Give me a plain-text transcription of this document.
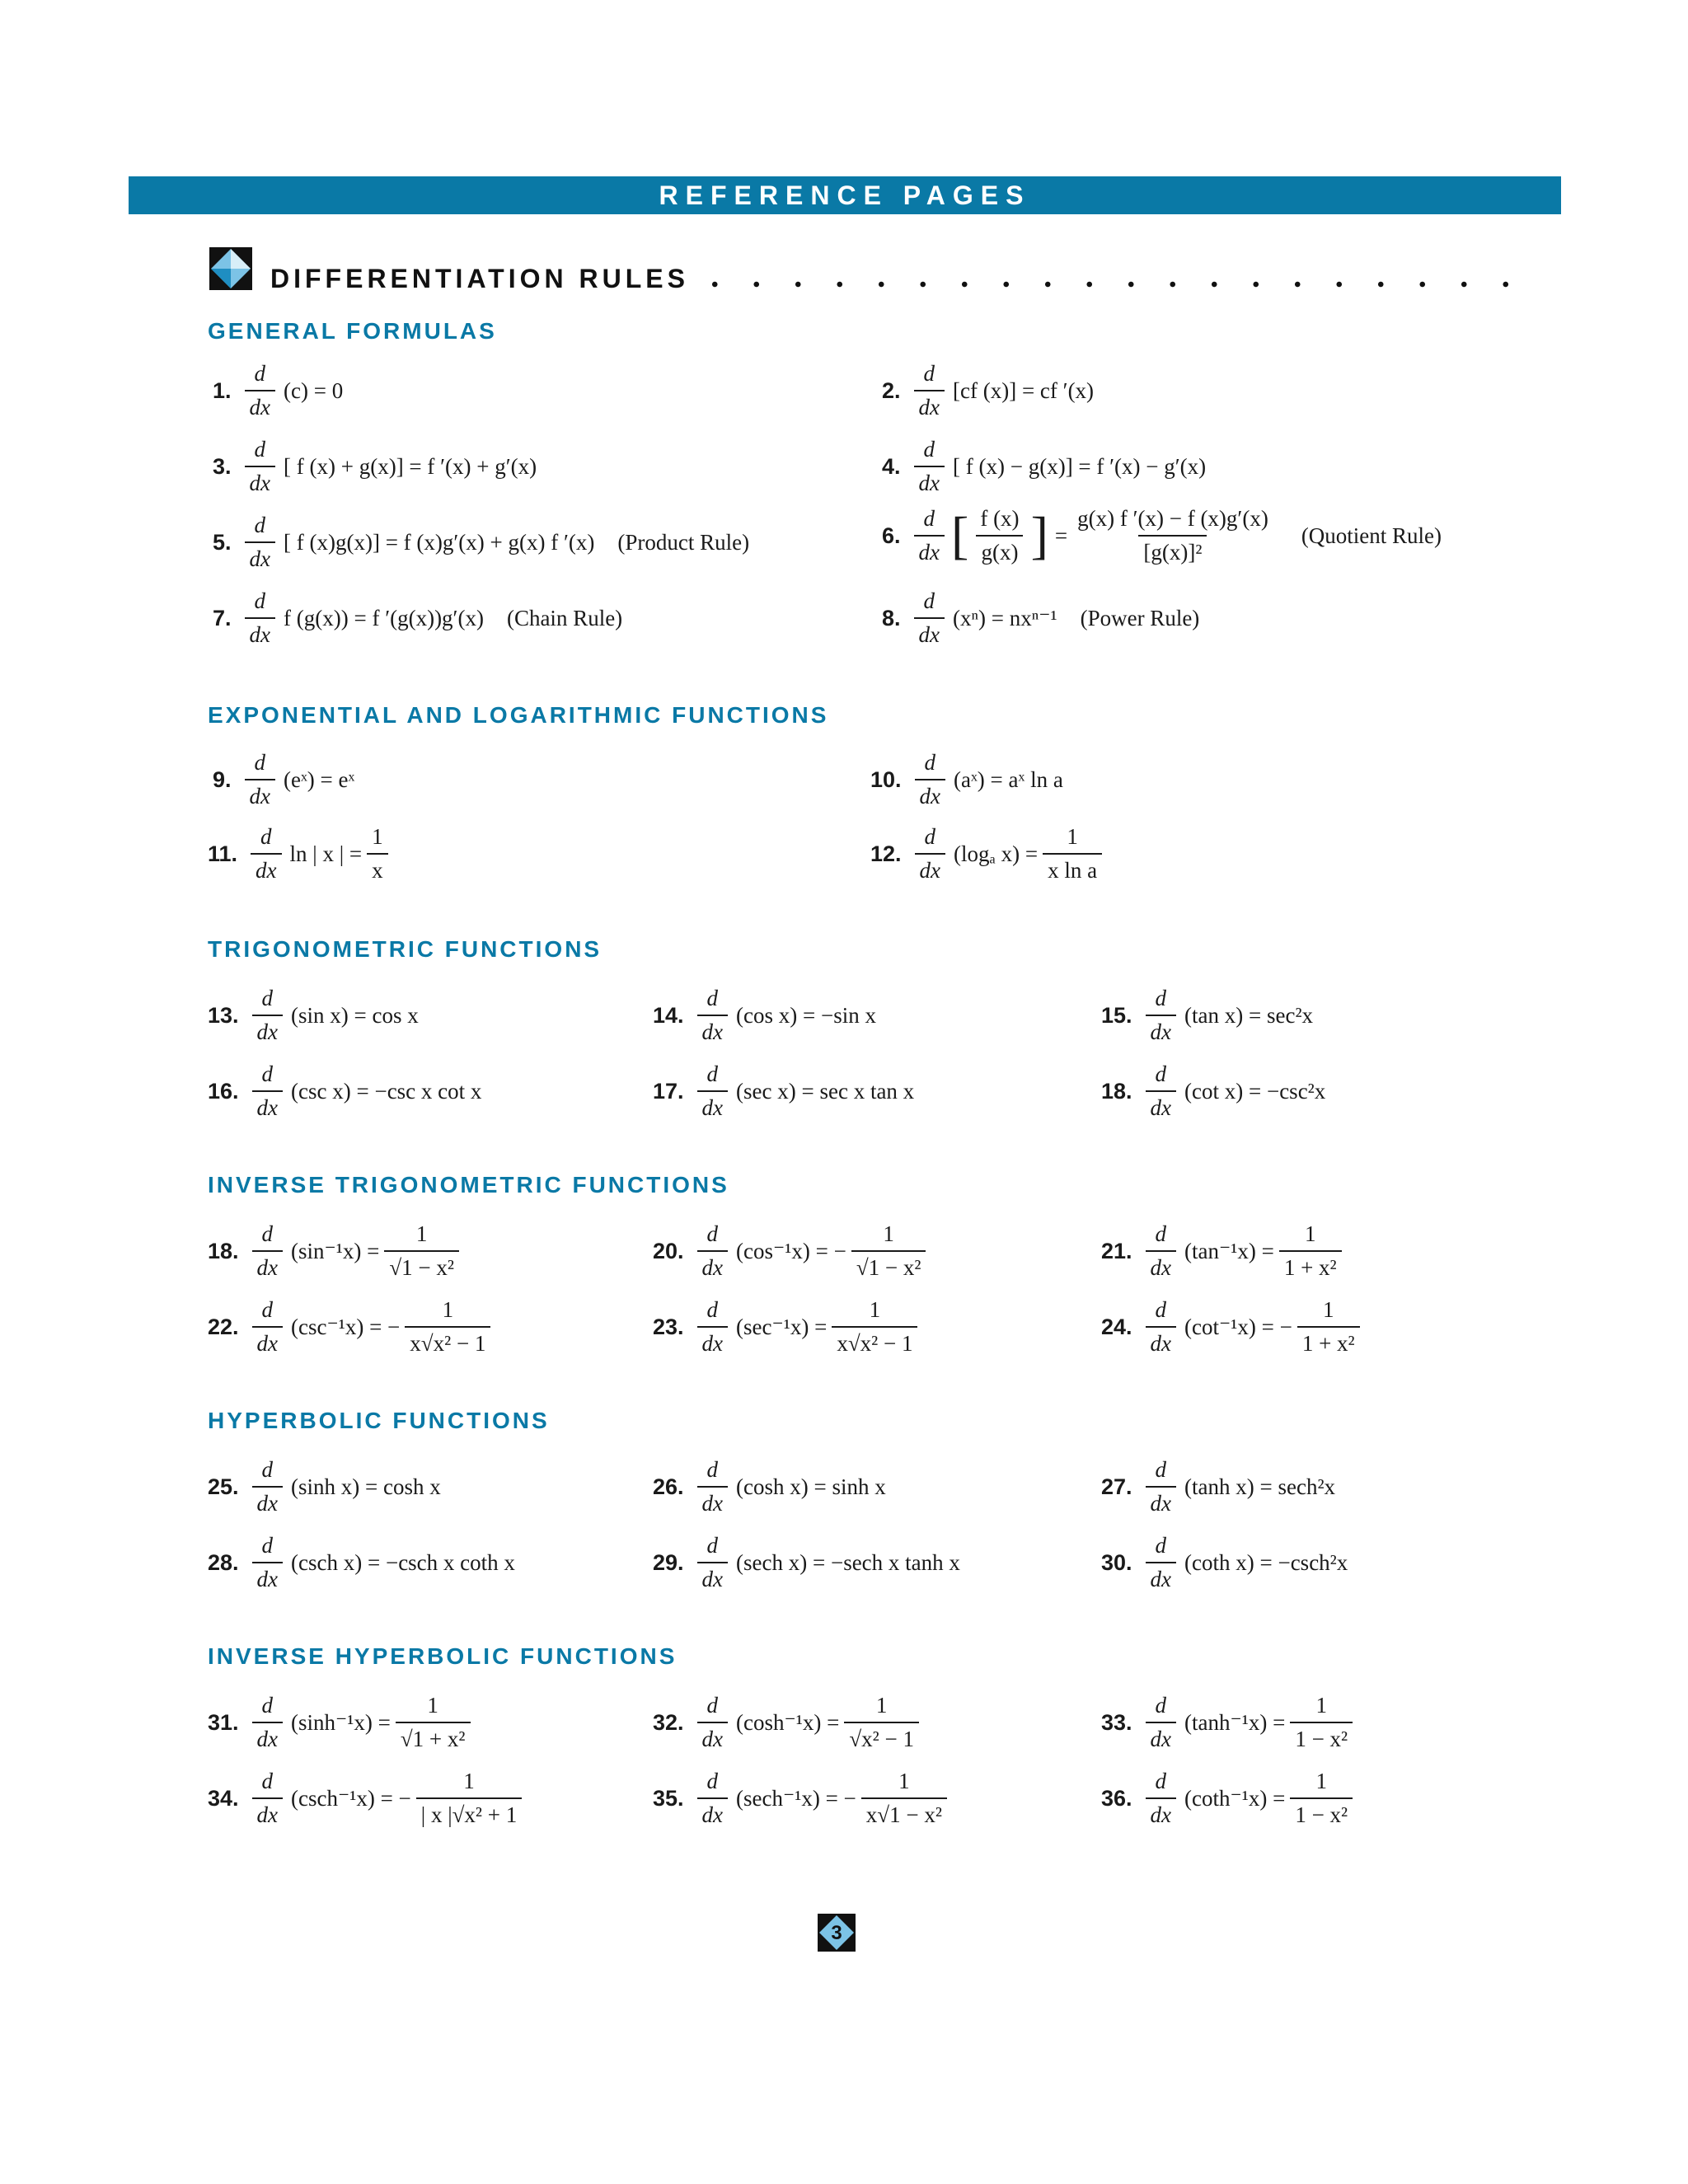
REFERENCE PAGES
DIFFERENTIATION RULES
GENERAL FORMULAS
EXPONENTIAL AND LOGARITHMIC FUNCTIONS
TRIGONOMETRIC FUNCTIONS
INVERSE TRIGONOMETRIC FUNCTIONS
HYPERBOLIC FUNCTIONS
INVERSE HYPERBOLIC FUNCTIONS
1. $\frac{d}{dx} (c) = 0$	2. $\frac{d}{dx} [cf$ (x)] = cf ′(x)
3. $\frac{d}{dx}$ [ f (x) + g(x)] = f ′(x) + g′(x)	4. $\frac{d}{dx}$ [ f (x) − g(x)] = f ′(x) − g′(x)
5. $\frac{d}{dx}$ [ f (x)g(x)] = f (x)g′(x) + g(x) f ′(x) (Product Rule)	6. $\frac{d}{dx}$ [ $\frac{f (x)}{g(x)}$ ] = $\frac{g(x) f '(x) - f (x)g'(x)}{\text{[g(x)]²}}$ (Quotient Rule)
7. $\frac{d}{dx}$ f (g(x)) = f ′(g(x))g′(x) (Chain Rule)	8. $\frac{d}{dx} (x^n) = nx^{n-1}$ (Power Rule)
9. $\frac{d}{dx}$ (eˣ) = eˣ	10. $\frac{d}{dx}$ (aˣ) = aˣ ln a
11. $\frac{d}{dx}$ ln | x | = $\frac{1}{x}$	12. $\frac{d}{dx} (\log_a$ $x) = \frac{1}{\text{x ln a}}$
13. $\frac{d}{dx} (\sin$ x) = cos x	14. $\frac{d}{dx} (\cos$ x) = −sin x	15. $\frac{d}{dx} (\tan$ x) = sec²x
16. $\frac{d}{dx} (\csc$ x) = −csc x cot x	17. $\frac{d}{dx} (\sec$ x) = sec x tan x	18. $\frac{d}{dx} (\cot$ x) = −csc²x
18. $\frac{d}{dx} (\sin^{-1}x) = \frac{1}{\text{√1 − x²}}$	20. $\frac{d}{dx} (\cos^{-1}x)$ = − $\frac{1}{\text{√1 − x²}}$	21. $\frac{d}{dx} (\tan^{-1}x) = \frac{1}{\text{1 + x²}}$
22. $\frac{d}{dx} (\csc^{-1}x)$ = − $\frac{1}{\text{x√x² − 1}}$	23. $\frac{d}{dx} (\sec^{-1}x) = \frac{1}{\text{x√x² − 1}}$	24. $\frac{d}{dx} (\cot^{-1}x)$ = − $\frac{1}{\text{1 + x²}}$
25. $\frac{d}{dx} (\sinh$ x) = cosh x	26. $\frac{d}{dx} (\cosh$ x) = sinh x	27. $\frac{d}{dx} (\tanh$ x) = sech²x
28. $\frac{d}{dx} (\csc h$ x) = −csch x coth x	29. $\frac{d}{dx} (\sec h$ x) = −sech x tanh x	30. $\frac{d}{dx} (\cot h$ x) = −csch²x
31. $\frac{d}{dx} (\sinh^{-1}x) = \frac{1}{\text{√1 + x²}}$	32. $\frac{d}{dx} (\cosh^{-1}x) = \frac{1}{\text{√x² − 1}}$	33. $\frac{d}{dx} (\tanh^{-1}x) = \frac{1}{\text{1 − x²}}$
34. $\frac{d}{dx} (\csc h^{-1}x)$ = − $\frac{1}{\text{| x |√x² + 1}}$	35. $\frac{d}{dx} (\sec h^{-1}x)$ = − $\frac{1}{\text{x√1 − x²}}$	36. $\frac{d}{dx} (\cot h^{-1}x) = \frac{1}{\text{1 − x²}}$
3
